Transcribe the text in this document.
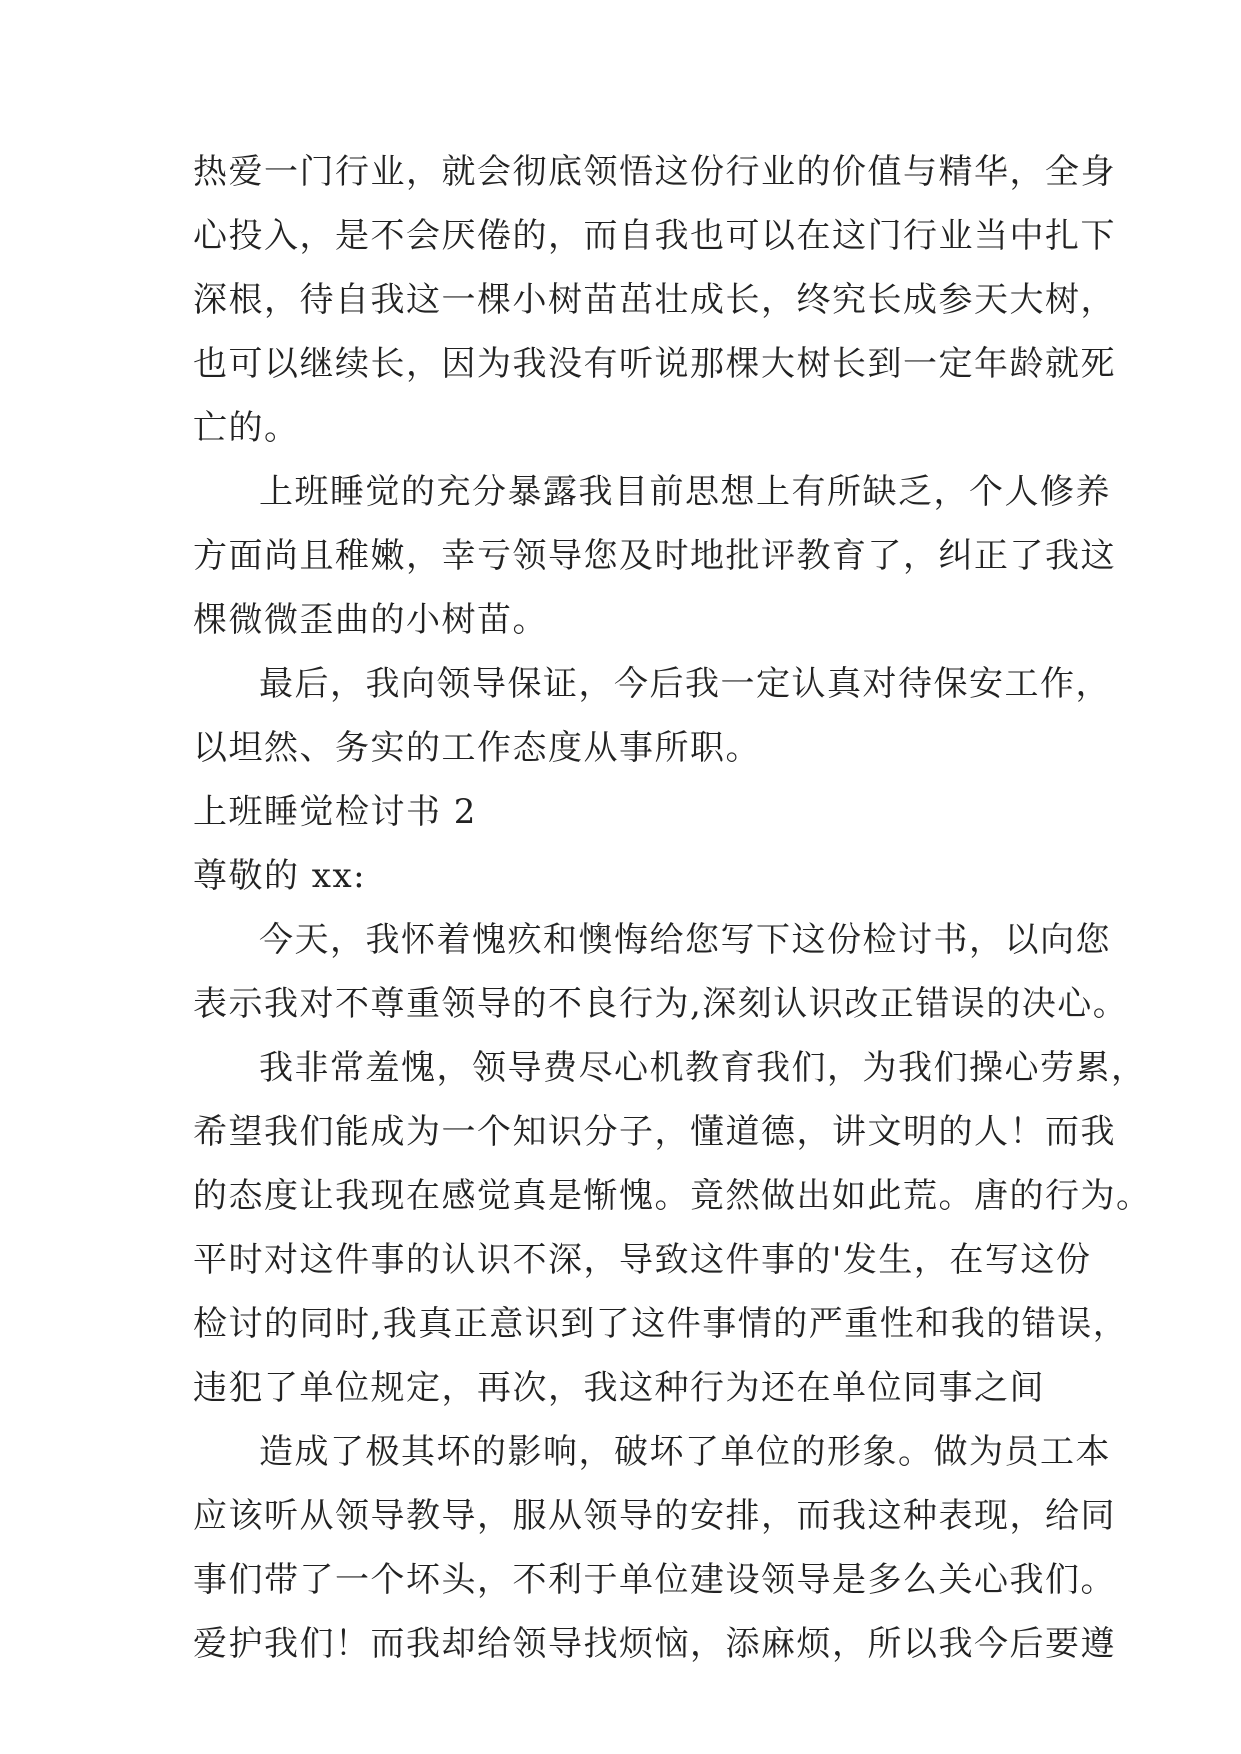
热爱一门行业，就会彻底领悟这份行业的价值与精华，全身
心投入，是不会厌倦的，而自我也可以在这门行业当中扎下
深根，待自我这一棵小树苗茁壮成长，终究长成参天大树，
也可以继续长，因为我没有听说那棵大树长到一定年龄就死
亡的。
上班睡觉的充分暴露我目前思想上有所缺乏，个人修养
方面尚且稚嫩，幸亏领导您及时地批评教育了，纠正了我这
棵微微歪曲的小树苗。
最后，我向领导保证，今后我一定认真对待保安工作，
以坦然、务实的工作态度从事所职。
上班睡觉检讨书 2
尊敬的 xx:
今天，我怀着愧疚和懊悔给您写下这份检讨书，以向您
表示我对不尊重领导的不良行为,深刻认识改正错误的决心。
我非常羞愧，领导费尽心机教育我们，为我们操心劳累，
希望我们能成为一个知识分子，懂道德，讲文明的人！而我
的态度让我现在感觉真是惭愧。竟然做出如此荒。唐的行为。
平时对这件事的认识不深，导致这件事的'发生，在写这份
检讨的同时,我真正意识到了这件事情的严重性和我的错误，
违犯了单位规定，再次，我这种行为还在单位同事之间
造成了极其坏的影响，破坏了单位的形象。做为员工本
应该听从领导教导，服从领导的安排，而我这种表现，给同
事们带了一个坏头，不利于单位建设领导是多么关心我们。
爱护我们！而我却给领导找烦恼，添麻烦，所以我今后要遵
